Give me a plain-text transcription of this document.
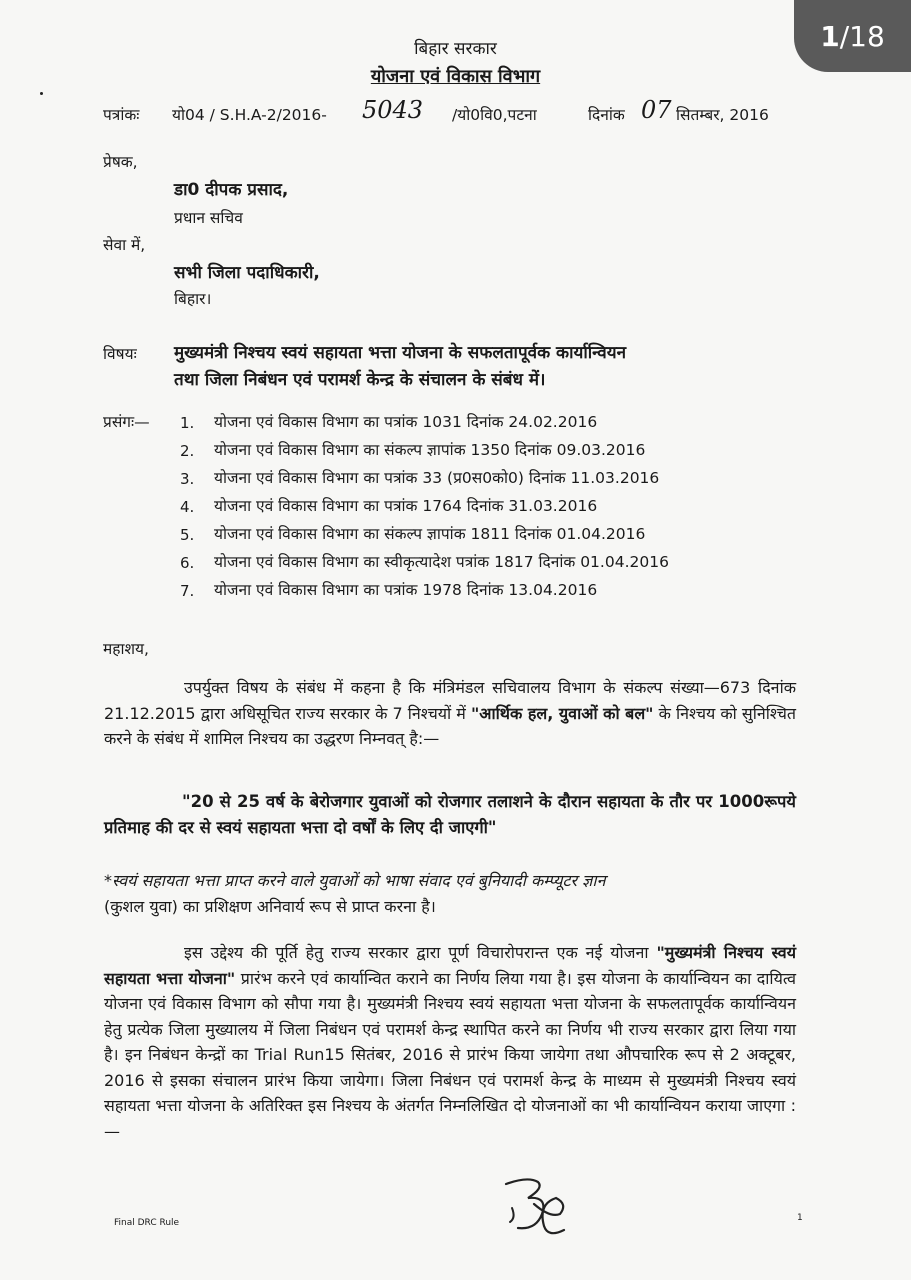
1 /18
बिहार सरकार
योजना एवं विकास विभाग
पत्रांकः यो04 / S.H.A-2/2016- 5043 /यो0वि0,पटना	दिनांक 07 सितम्बर, 2016
प्रेषक,
डा0 दीपक प्रसाद,
प्रधान सचिव
सेवा में,
सभी जिला पदाधिकारी,
बिहार।
विषयः मुख्यमंत्री निश्चय स्वयं सहायता भत्ता योजना के सफलतापूर्वक कार्यान्वियन
तथा जिला निबंधन एवं परामर्श केन्द्र के संचालन के संबंध में।
प्रसंगः— 1. योजना एवं विकास विभाग का पत्रांक 1031 दिनांक 24.02.2016
2. योजना एवं विकास विभाग का संकल्प ज्ञापांक 1350 दिनांक 09.03.2016
3. योजना एवं विकास विभाग का पत्रांक 33 (प्र0स0को0) दिनांक 11.03.2016
4. योजना एवं विकास विभाग का पत्रांक 1764 दिनांक 31.03.2016
5. योजना एवं विकास विभाग का संकल्प ज्ञापांक 1811 दिनांक 01.04.2016
6. योजना एवं विकास विभाग का स्वीकृत्यादेश पत्रांक 1817 दिनांक 01.04.2016
7. योजना एवं विकास विभाग का पत्रांक 1978 दिनांक 13.04.2016
महाशय,
उपर्युक्त विषय के संबंध में कहना है कि मंत्रिमंडल सचिवालय विभाग के संकल्प संख्या—673 दिनांक 21.12.2015 द्वारा अधिसूचित राज्य सरकार के 7 निश्चयों में "आर्थिक हल, युवाओं को बल" के निश्चय को सुनिश्चित करने के संबंध में शामिल निश्चय का उद्धरण निम्नवत् है:—
"20 से 25 वर्ष के बेरोजगार युवाओं को रोजगार तलाशने के दौरान सहायता के तौर पर 1000रूपये प्रतिमाह की दर से स्वयं सहायता भत्ता दो वर्षों के लिए दी जाएगी"
*स्वयं सहायता भत्ता प्राप्त करने वाले युवाओं को भाषा संवाद एवं बुनियादी कम्प्यूटर ज्ञान
(कुशल युवा) का प्रशिक्षण अनिवार्य रूप से प्राप्त करना है।
इस उद्देश्य की पूर्ति हेतु राज्य सरकार द्वारा पूर्ण विचारोपरान्त एक नई योजना "मुख्यमंत्री निश्चय स्वयं सहायता भत्ता योजना" प्रारंभ करने एवं कार्यान्वित कराने का निर्णय लिया गया है। इस योजना के कार्यान्वियन का दायित्व योजना एवं विकास विभाग को सौपा गया है। मुख्यमंत्री निश्चय स्वयं सहायता भत्ता योजना के सफलतापूर्वक कार्यान्वियन हेतु प्रत्येक जिला मुख्यालय में जिला निबंधन एवं परामर्श केन्द्र स्थापित करने का निर्णय भी राज्य सरकार द्वारा लिया गया है। इन निबंधन केन्द्रों का Trial Run15 सितंबर, 2016 से प्रारंभ किया जायेगा तथा औपचारिक रूप से 2 अक्टूबर, 2016 से इसका संचालन प्रारंभ किया जायेगा। जिला निबंधन एवं परामर्श केन्द्र के माध्यम से मुख्यमंत्री निश्चय स्वयं सहायता भत्ता योजना के अतिरिक्त इस निश्चय के अंतर्गत निम्नलिखित दो योजनाओं का भी कार्यान्वियन कराया जाएगा :—
Final DRC Rule	1
